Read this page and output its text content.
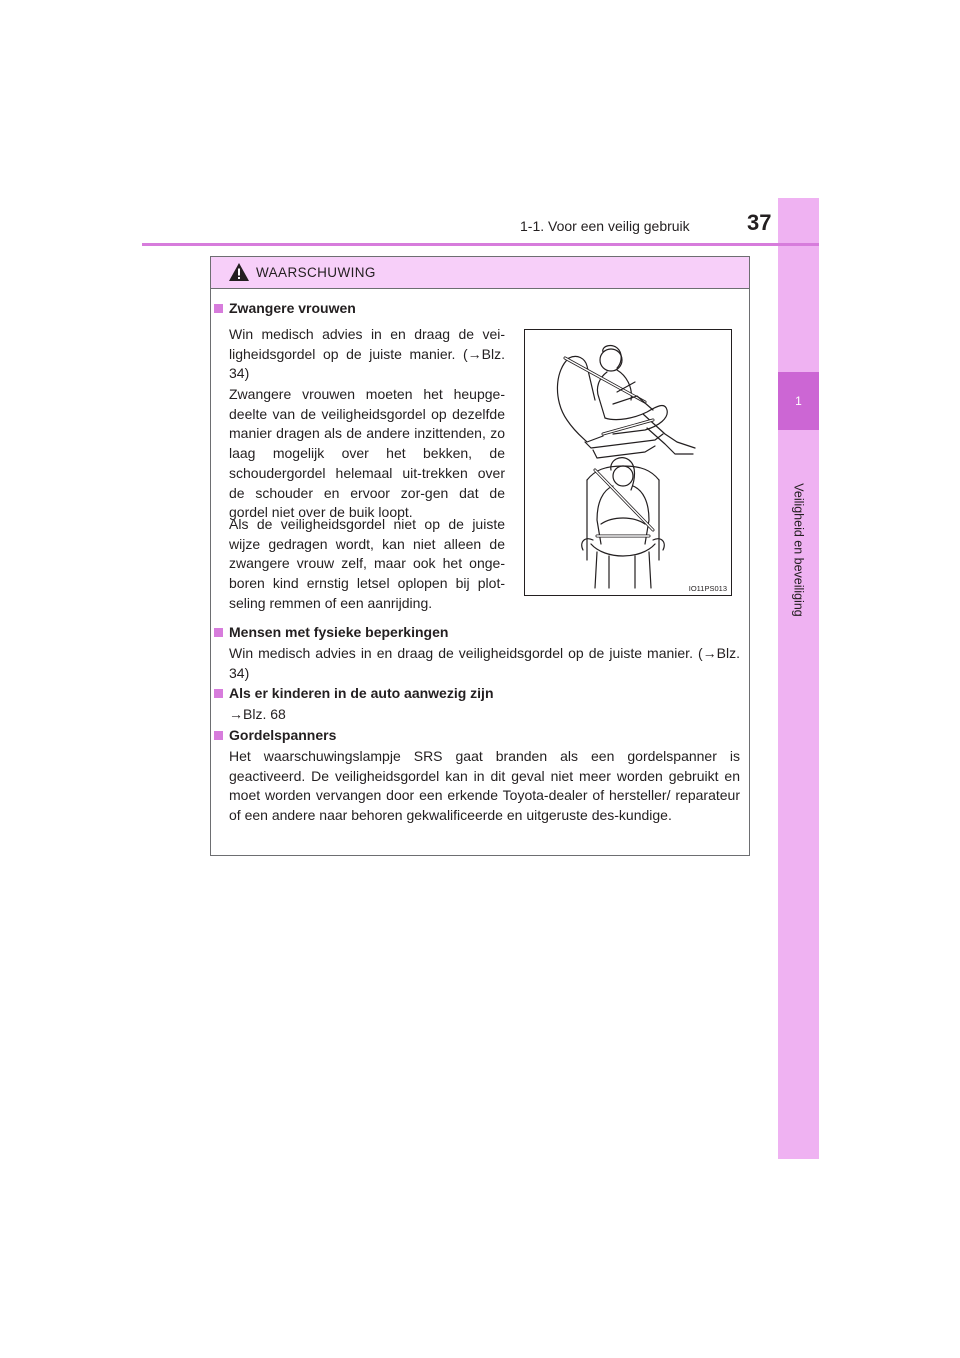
1
Veiligheid en beveiliging
1-1. Voor een veilig gebruik	37
WAARSCHUWING
Zwangere vrouwen

Win medisch advies in en draag de vei-ligheidsgordel op de juiste manier. (→Blz. 34)

Zwangere vrouwen moeten het heupge-deelte van de veiligheidsgordel op dezelfde manier dragen als de andere inzittenden, zo laag mogelijk over het bekken, de schoudergordel helemaal uit-trekken over de schouder en ervoor zor-gen dat de gordel niet over de buik loopt.

Als de veiligheidsgordel niet op de juiste wijze gedragen wordt, kan niet alleen de zwangere vrouw zelf, maar ook het onge-boren kind ernstig letsel oplopen bij plot-seling remmen of een aanrijding.

IO11PS013
Mensen met fysieke beperkingen

Win medisch advies in en draag de veiligheidsgordel op de juiste manier. (→Blz. 34)

Als er kinderen in de auto aanwezig zijn

→Blz. 68

Gordelspanners

Het waarschuwingslampje SRS gaat branden als een gordelspanner is geactiveerd. De veiligheidsgordel kan in dit geval niet meer worden gebruikt en moet worden vervangen door een erkende Toyota-dealer of hersteller/ reparateur of een andere naar behoren gekwalificeerde en uitgeruste des-kundige.
